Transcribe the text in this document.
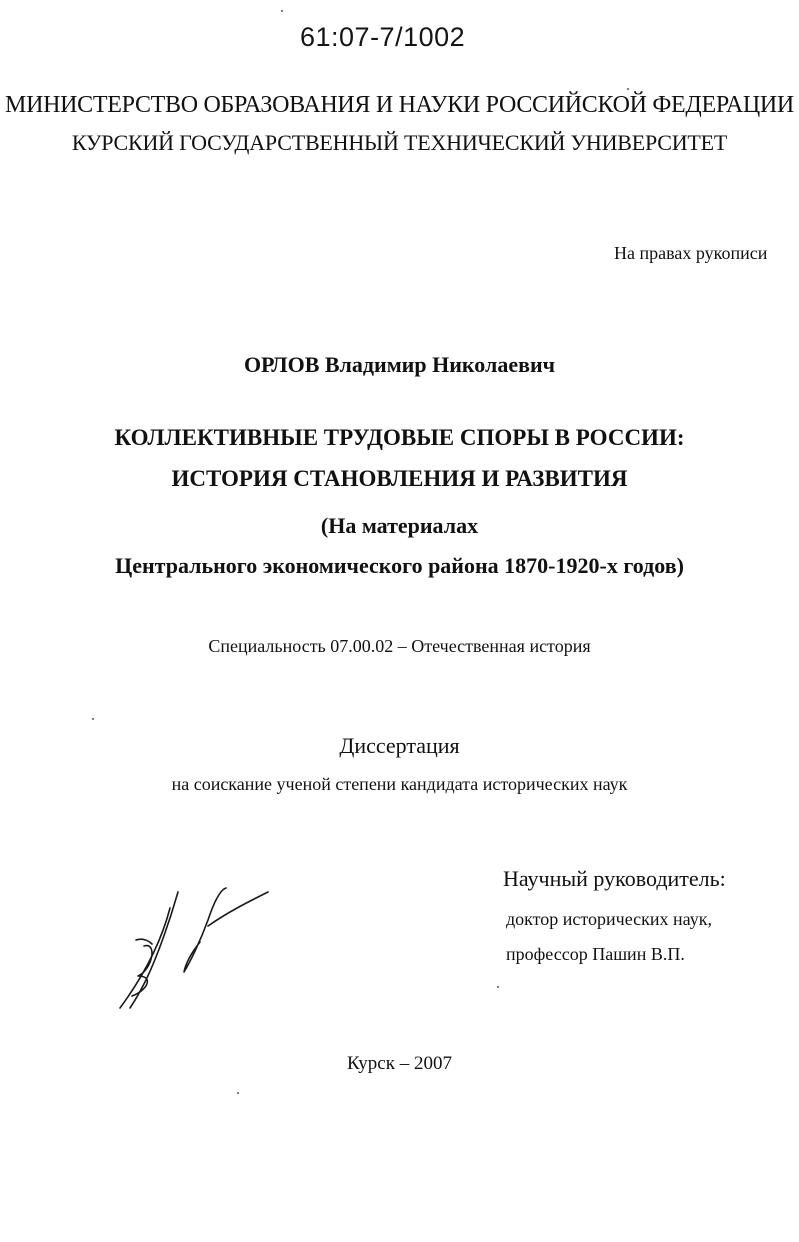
61:07-7/1002
МИНИСТЕРСТВО ОБРАЗОВАНИЯ И НАУКИ РОССИЙСКОЙ ФЕДЕРАЦИИ
КУРСКИЙ ГОСУДАРСТВЕННЫЙ ТЕХНИЧЕСКИЙ УНИВЕРСИТЕТ
На правах рукописи
ОРЛОВ Владимир Николаевич
КОЛЛЕКТИВНЫЕ ТРУДОВЫЕ СПОРЫ В РОССИИ:
ИСТОРИЯ СТАНОВЛЕНИЯ И РАЗВИТИЯ
(На материалах
Центрального экономического района 1870-1920-х годов)
Специальность 07.00.02 – Отечественная история
Диссертация
на соискание ученой степени кандидата исторических наук
Научный руководитель:
доктор исторических наук,
профессор Пашин В.П.
Курск – 2007
